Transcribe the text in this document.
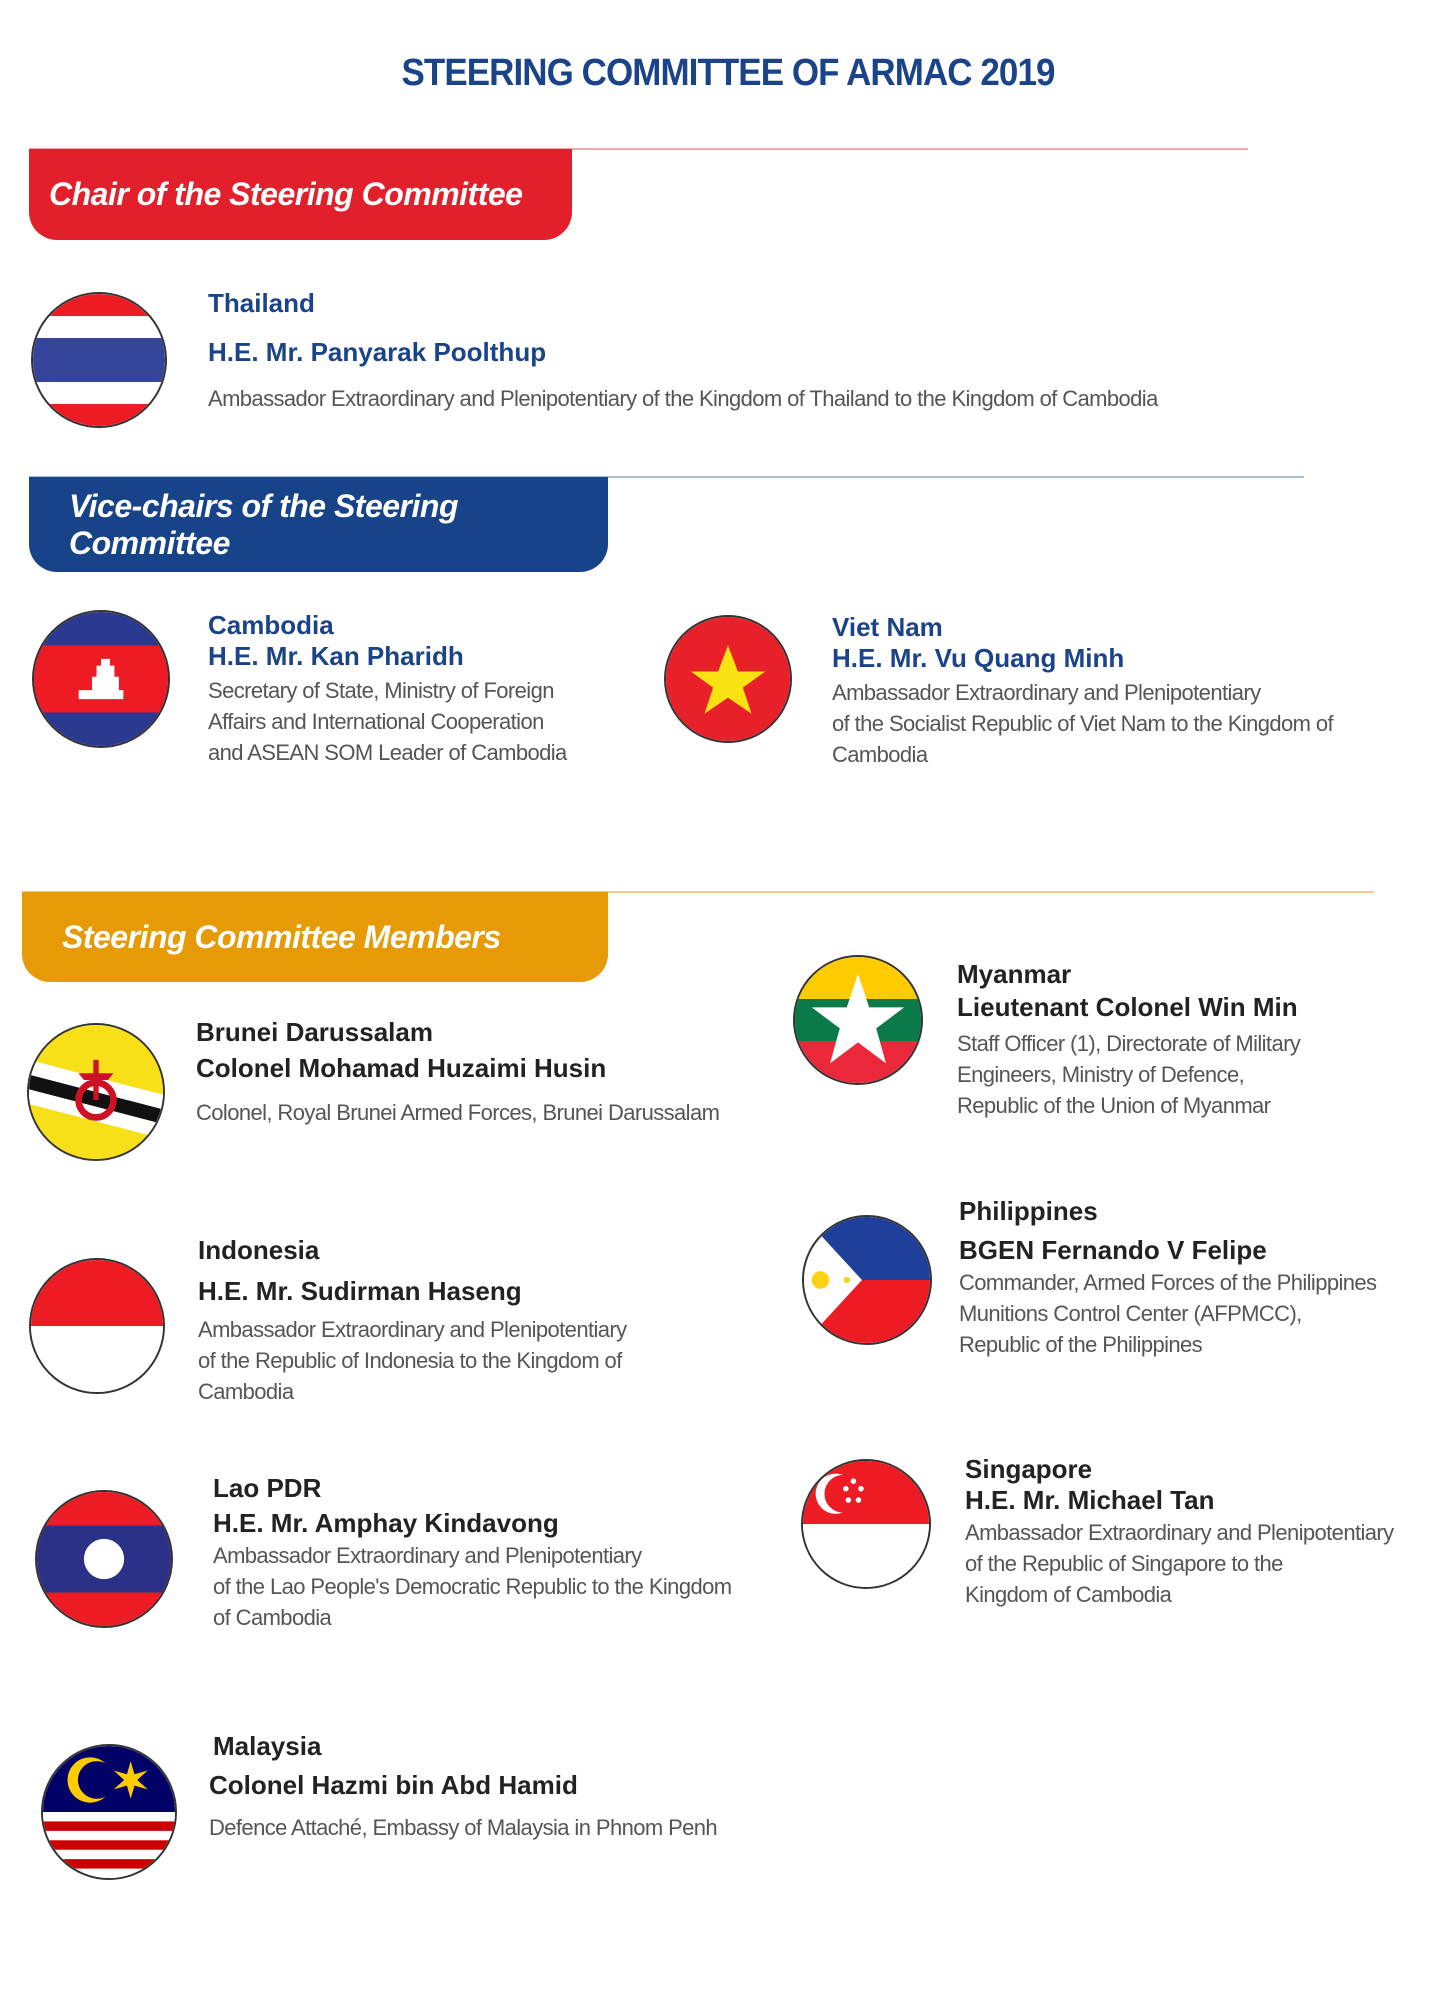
STEERING COMMITTEE OF ARMAC 2019
Chair of the Steering Committee
Thailand
H.E. Mr. Panyarak Poolthup
Ambassador Extraordinary and Plenipotentiary of the Kingdom of Thailand to the Kingdom of Cambodia
Vice-chairs of the Steering Committee
Cambodia
H.E. Mr. Kan Pharidh
Secretary of State, Ministry of Foreign
Affairs and International Cooperation
and ASEAN SOM Leader of Cambodia
Viet Nam
H.E. Mr. Vu Quang Minh
Ambassador Extraordinary and Plenipotentiary
of the Socialist Republic of Viet Nam to the Kingdom of
Cambodia
Steering Committee Members
Brunei Darussalam
Colonel Mohamad Huzaimi Husin
Colonel, Royal Brunei Armed Forces, Brunei Darussalam
Indonesia
H.E. Mr. Sudirman Haseng
Ambassador Extraordinary and Plenipotentiary
of the Republic of Indonesia to the Kingdom of
Cambodia
Lao PDR
H.E. Mr. Amphay Kindavong
Ambassador Extraordinary and Plenipotentiary
of the Lao People's Democratic Republic to the Kingdom
of Cambodia
Malaysia
Colonel Hazmi bin Abd Hamid
Defence Attaché, Embassy of Malaysia in Phnom Penh
Myanmar
Lieutenant Colonel Win Min
Staff Officer (1), Directorate of Military
Engineers, Ministry of Defence,
Republic of the Union of Myanmar
Philippines
BGEN Fernando V Felipe
Commander, Armed Forces of the Philippines
Munitions Control Center (AFPMCC),
Republic of the Philippines
Singapore
H.E. Mr. Michael Tan
Ambassador Extraordinary and Plenipotentiary
of the Republic of Singapore to the
Kingdom of Cambodia
